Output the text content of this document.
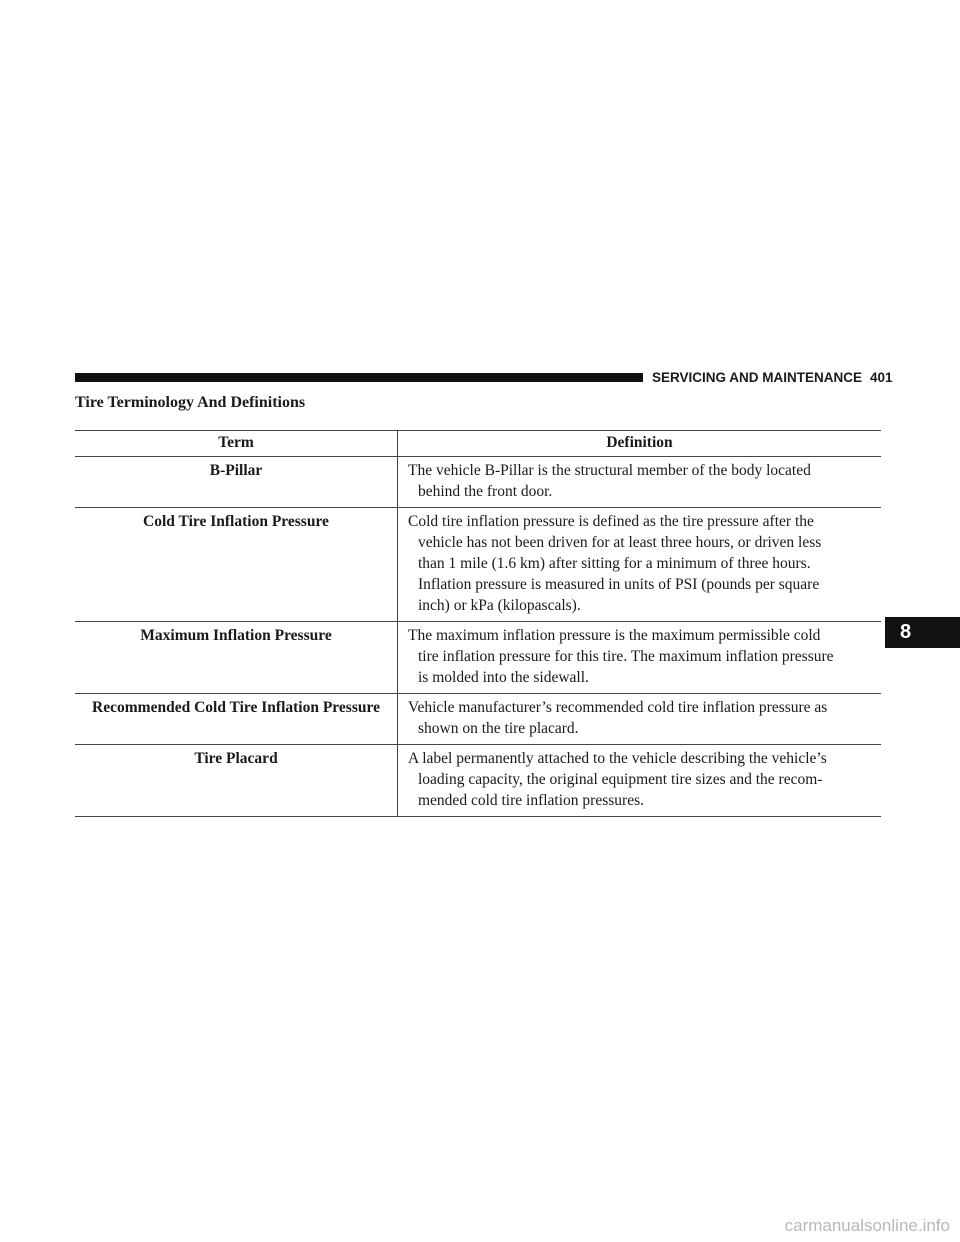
SERVICING AND MAINTENANCE 401
Tire Terminology And Definitions
Term	Definition
B-Pillar	The vehicle B-Pillar is the structural member of the body located
behind the front door.

Cold Tire Inflation Pressure	Cold tire inflation pressure is defined as the tire pressure after the
vehicle has not been driven for at least three hours, or driven less
than 1 mile (1.6 km) after sitting for a minimum of three hours.
Inflation pressure is measured in units of PSI (pounds per square
inch) or kPa (kilopascals).

Maximum Inflation Pressure	The maximum inflation pressure is the maximum permissible cold
tire inflation pressure for this tire. The maximum inflation pressure
is molded into the sidewall.

Recommended Cold Tire Inflation Pressure	Vehicle manufacturer’s recommended cold tire inflation pressure as
shown on the tire placard.

Tire Placard	A label permanently attached to the vehicle describing the vehicle’s
loading capacity, the original equipment tire sizes and the recom-
mended cold tire inflation pressures.
8
carmanualsonline.info
